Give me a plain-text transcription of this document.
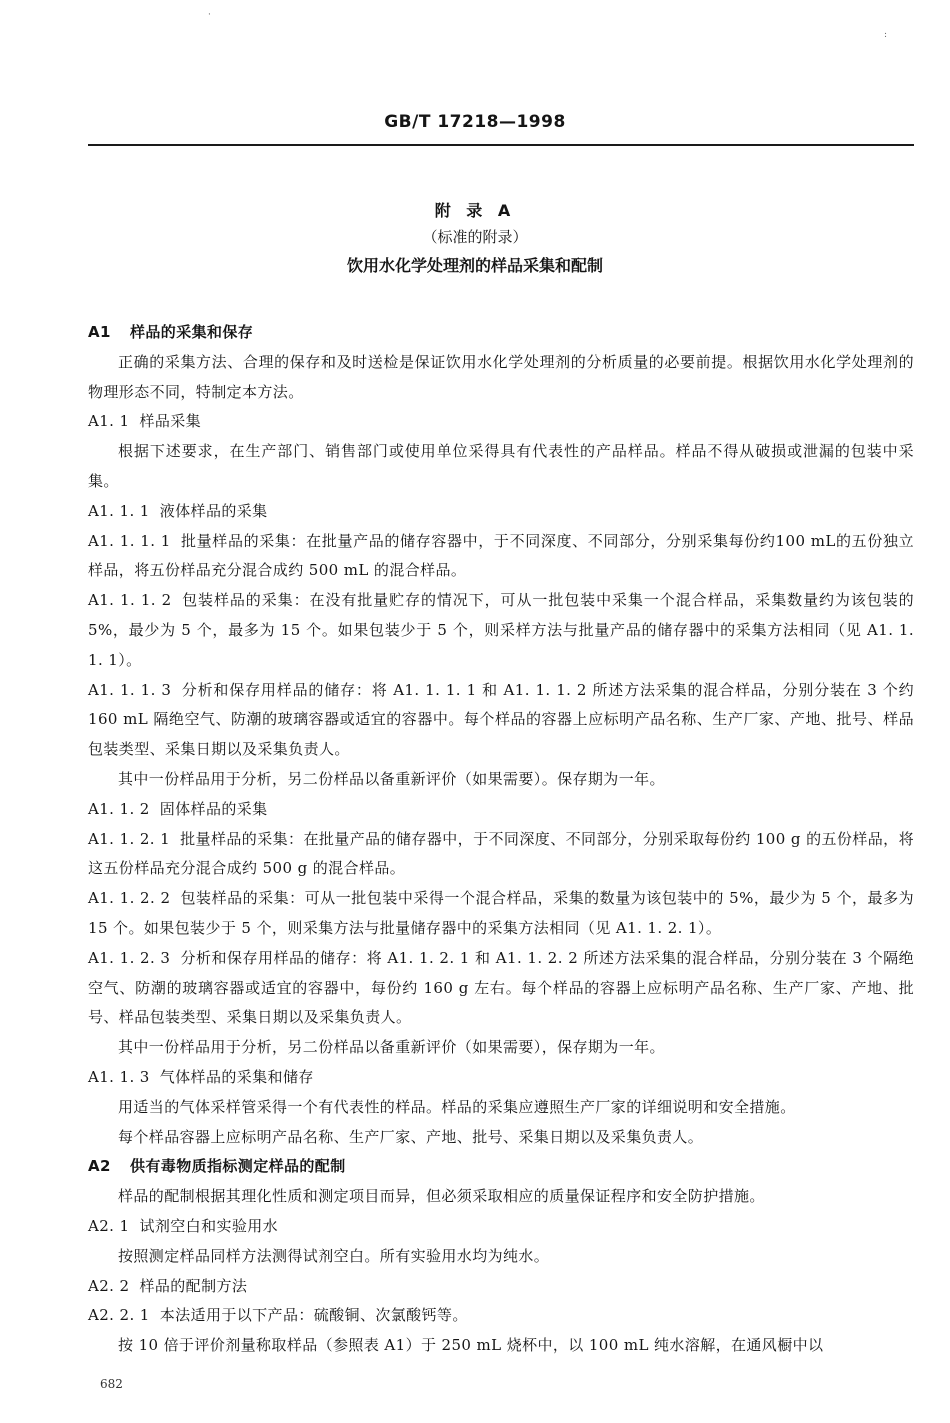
·
:
GB/T 17218—1998
附 录 A
（标准的附录）
饮用水化学处理剂的样品采集和配制
A1 样品的采集和保存
正确的采集方法、合理的保存和及时送检是保证饮用水化学处理剂的分析质量的必要前提。根据饮用水化学处理剂的物理形态不同，特制定本方法。
A1. 1 样品采集
根据下述要求，在生产部门、销售部门或使用单位采得具有代表性的产品样品。样品不得从破损或泄漏的包装中采集。
A1. 1. 1 液体样品的采集
A1. 1. 1. 1 批量样品的采集：在批量产品的储存容器中，于不同深度、不同部分，分别采集每份约100 mL的五份独立样品，将五份样品充分混合成约 500 mL 的混合样品。
A1. 1. 1. 2 包装样品的采集：在没有批量贮存的情况下，可从一批包装中采集一个混合样品，采集数量约为该包装的 5%，最少为 5 个，最多为 15 个。如果包装少于 5 个，则采样方法与批量产品的储存器中的采集方法相同（见 A1. 1. 1. 1）。
A1. 1. 1. 3 分析和保存用样品的储存：将 A1. 1. 1. 1 和 A1. 1. 1. 2 所述方法采集的混合样品，分别分装在 3 个约 160 mL 隔绝空气、防潮的玻璃容器或适宜的容器中。每个样品的容器上应标明产品名称、生产厂家、产地、批号、样品包装类型、采集日期以及采集负责人。
其中一份样品用于分析，另二份样品以备重新评价（如果需要）。保存期为一年。
A1. 1. 2 固体样品的采集
A1. 1. 2. 1 批量样品的采集：在批量产品的储存器中，于不同深度、不同部分，分别采取每份约 100 g 的五份样品，将这五份样品充分混合成约 500 g 的混合样品。
A1. 1. 2. 2 包装样品的采集：可从一批包装中采得一个混合样品，采集的数量为该包装中的 5%，最少为 5 个，最多为 15 个。如果包装少于 5 个，则采集方法与批量储存器中的采集方法相同（见 A1. 1. 2. 1）。
A1. 1. 2. 3 分析和保存用样品的储存：将 A1. 1. 2. 1 和 A1. 1. 2. 2 所述方法采集的混合样品，分别分装在 3 个隔绝空气、防潮的玻璃容器或适宜的容器中，每份约 160 g 左右。每个样品的容器上应标明产品名称、生产厂家、产地、批号、样品包装类型、采集日期以及采集负责人。
其中一份样品用于分析，另二份样品以备重新评价（如果需要），保存期为一年。
A1. 1. 3 气体样品的采集和储存
用适当的气体采样管采得一个有代表性的样品。样品的采集应遵照生产厂家的详细说明和安全措施。
每个样品容器上应标明产品名称、生产厂家、产地、批号、采集日期以及采集负责人。
A2 供有毒物质指标测定样品的配制
样品的配制根据其理化性质和测定项目而异，但必须采取相应的质量保证程序和安全防护措施。
A2. 1 试剂空白和实验用水
按照测定样品同样方法测得试剂空白。所有实验用水均为纯水。
A2. 2 样品的配制方法
A2. 2. 1 本法适用于以下产品：硫酸铜、次氯酸钙等。
按 10 倍于评价剂量称取样品（参照表 A1）于 250 mL 烧杯中，以 100 mL 纯水溶解，在通风橱中以
682
